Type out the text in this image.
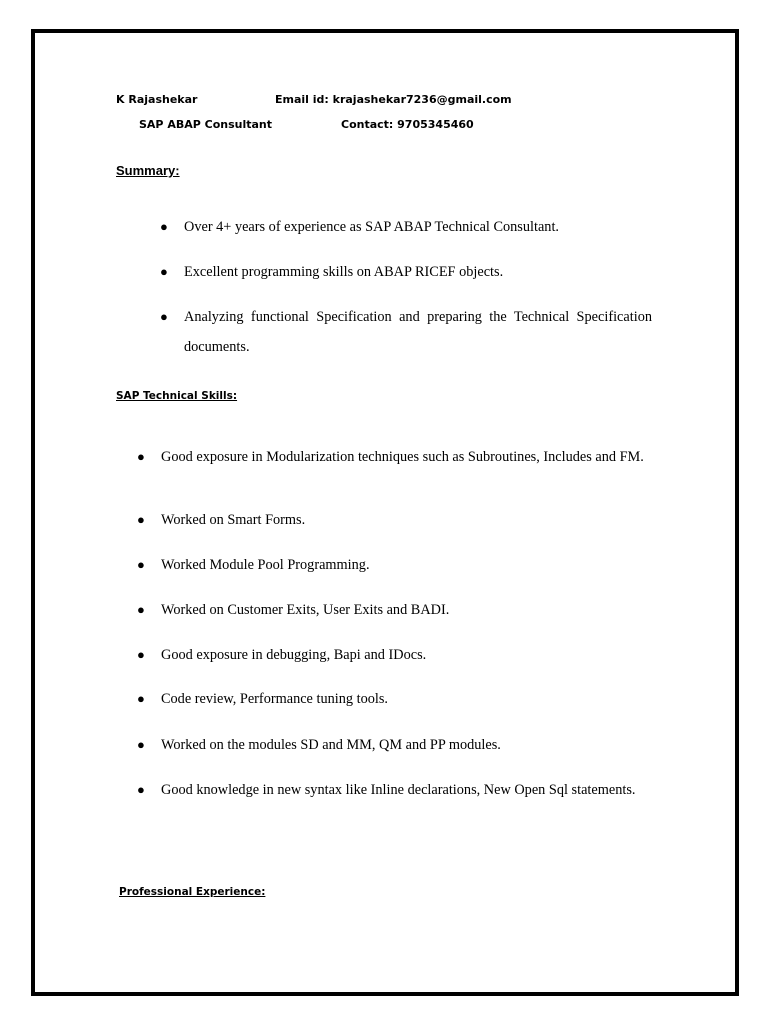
K Rajashekar	Email id: krajashekar7236@gmail.com
SAP ABAP Consultant	Contact: 9705345460
Summary:
● Over 4+ years of experience as SAP ABAP Technical Consultant.
● Excellent programming skills on ABAP RICEF objects.
● Analyzing functional Specification and preparing the Technical Specification documents.
SAP Technical Skills:
● Good exposure in Modularization techniques such as Subroutines, Includes and FM.
● Worked on Smart Forms.
● Worked Module Pool Programming.
● Worked on Customer Exits, User Exits and BADI.
● Good exposure in debugging, Bapi and IDocs.
● Code review, Performance tuning tools.
● Worked on the modules SD and MM, QM and PP modules.
● Good knowledge in new syntax like Inline declarations, New Open Sql statements.
Professional Experience:
